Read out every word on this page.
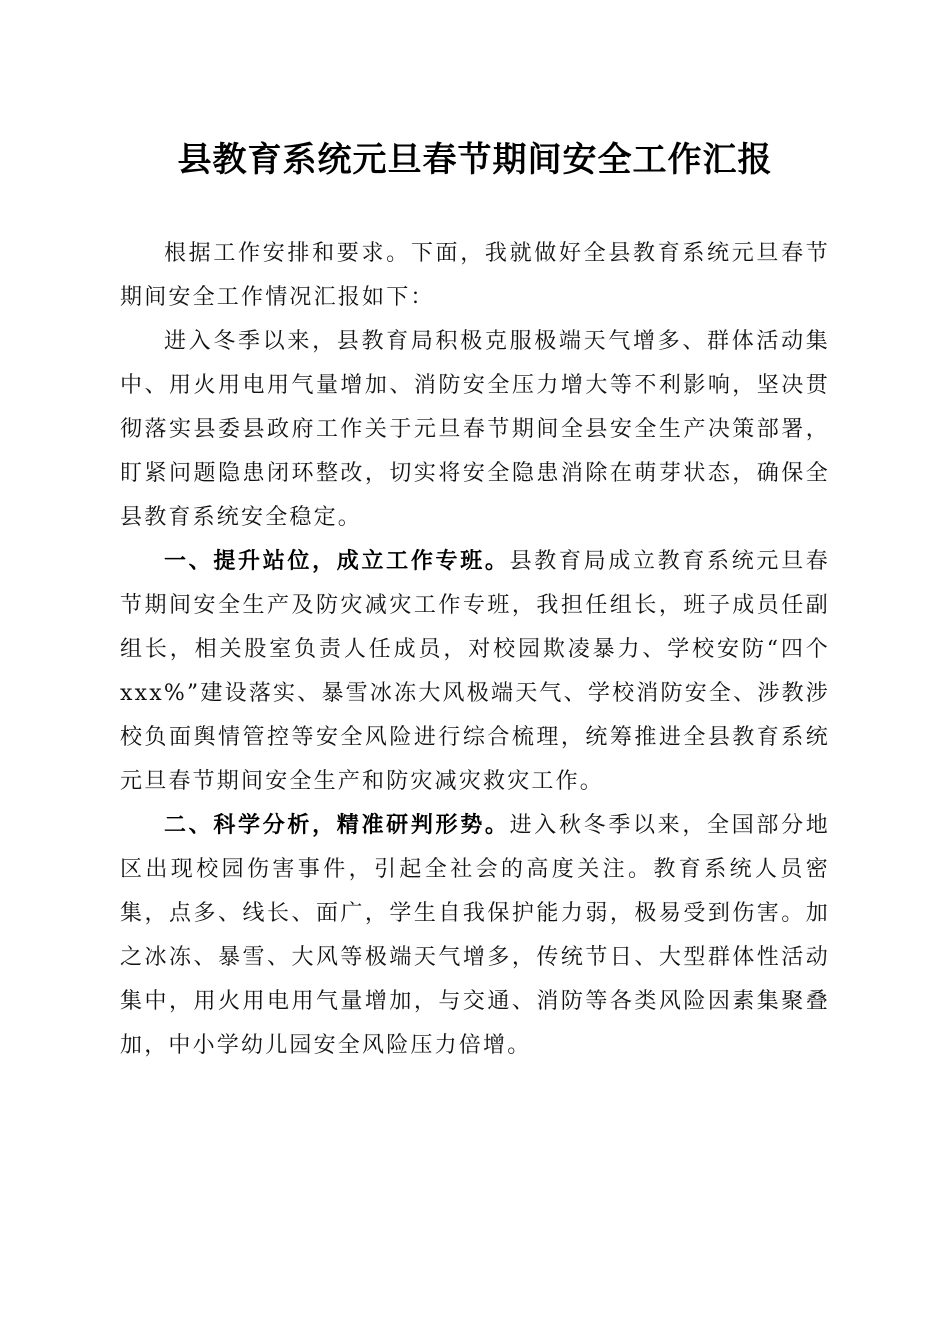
县教育系统元旦春节期间安全工作汇报

根据工作安排和要求。下面，我就做好全县教育系统元旦春节期间安全工作情况汇报如下：

进入冬季以来，县教育局积极克服极端天气增多、群体活动集中、用火用电用气量增加、消防安全压力增大等不利影响，坚决贯彻落实县委县政府工作关于元旦春节期间全县安全生产决策部署，盯紧问题隐患闭环整改，切实将安全隐患消除在萌芽状态，确保全县教育系统安全稳定。

一、提升站位，成立工作专班。县教育局成立教育系统元旦春节期间安全生产及防灾减灾工作专班，我担任组长，班子成员任副组长，相关股室负责人任成员，对校园欺凌暴力、学校安防“四个xxx%”建设落实、暴雪冰冻大风极端天气、学校消防安全、涉教涉校负面舆情管控等安全风险进行综合梳理，统筹推进全县教育系统元旦春节期间安全生产和防灾减灾救灾工作。

二、科学分析，精准研判形势。进入秋冬季以来，全国部分地区出现校园伤害事件，引起全社会的高度关注。教育系统人员密集，点多、线长、面广，学生自我保护能力弱，极易受到伤害。加之冰冻、暴雪、大风等极端天气增多，传统节日、大型群体性活动集中，用火用电用气量增加，与交通、消防等各类风险因素集聚叠加，中小学幼儿园安全风险压力倍增。
